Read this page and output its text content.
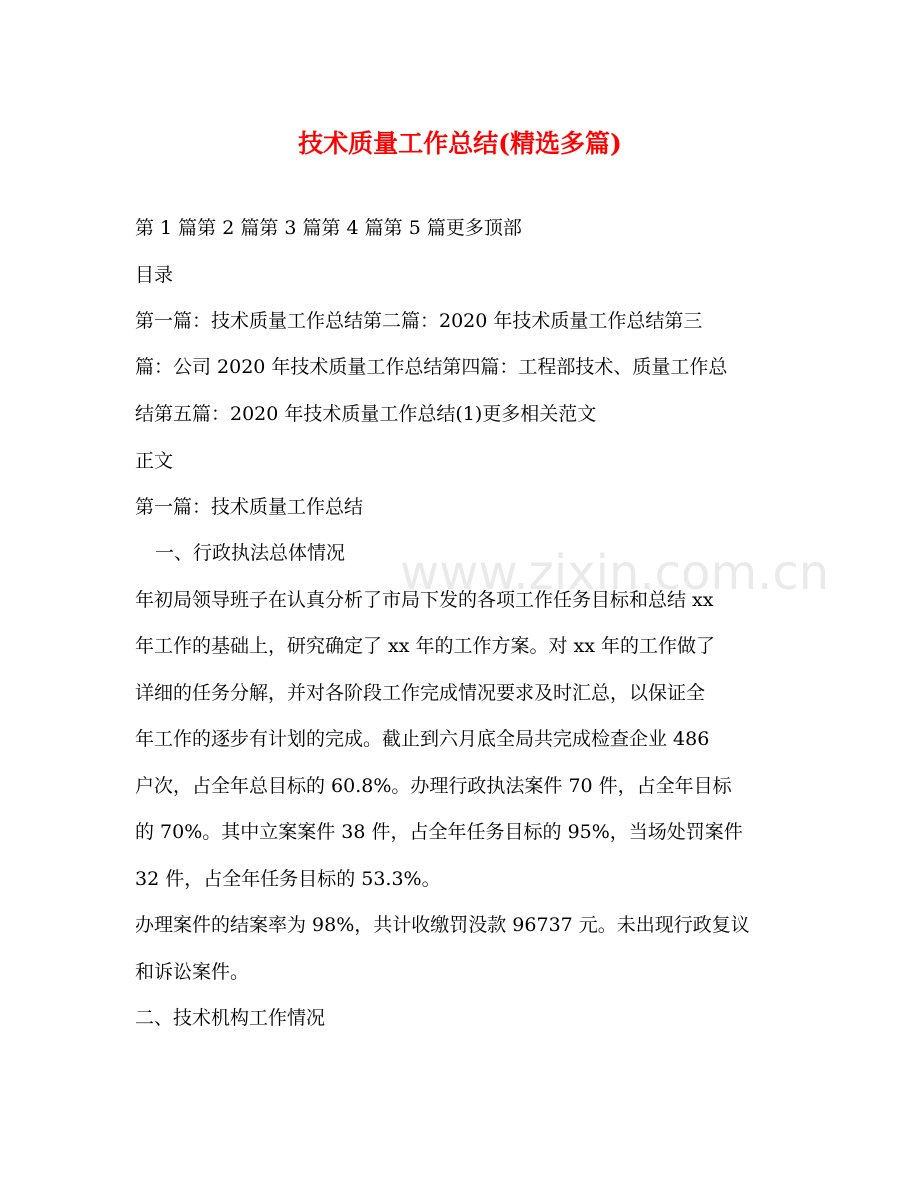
技术质量工作总结(精选多篇)

第 1 篇第 2 篇第 3 篇第 4 篇第 5 篇更多顶部

目录

第一篇：技术质量工作总结第二篇：2020 年技术质量工作总结第三

篇：公司 2020 年技术质量工作总结第四篇：工程部技术、质量工作总

结第五篇：2020 年技术质量工作总结(1)更多相关范文

正文

第一篇：技术质量工作总结

一、行政执法总体情况

年初局领导班子在认真分析了市局下发的各项工作任务目标和总结 xx

年工作的基础上，研究确定了 xx 年的工作方案。对 xx 年的工作做了

详细的任务分解，并对各阶段工作完成情况要求及时汇总，以保证全

年工作的逐步有计划的完成。截止到六月底全局共完成检查企业 486

户次，占全年总目标的 60.8%。办理行政执法案件 70 件，占全年目标

的 70%。其中立案案件 38 件，占全年任务目标的 95%，当场处罚案件

32 件，占全年任务目标的 53.3%。

办理案件的结案率为 98%，共计收缴罚没款 96737 元。未出现行政复议

和诉讼案件。

二、技术机构工作情况

www.zixin.com.cn
